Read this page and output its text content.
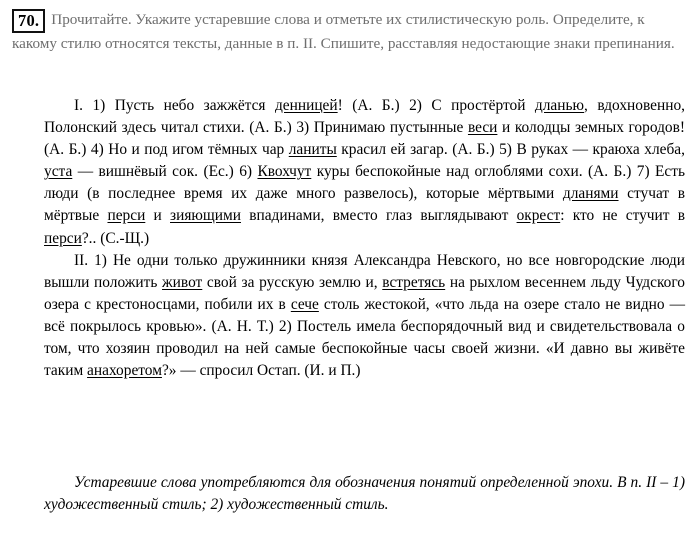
70. Прочитайте. Укажите устаревшие слова и отметьте их стилистическую роль. Определите, к какому стилю относятся тексты, данные в п. II. Спишите, расставляя недостающие знаки препинания.

I. 1) Пусть небо зажжётся денницей! (А. Б.) 2) С простёртой дланью, вдохновенно, Полонский здесь читал стихи. (А. Б.) 3) Принимаю пустынные веси и колодцы земных городов! (А. Б.) 4) Но и под игом тёмных чар ланиты красил ей загар. (А. Б.) 5) В руках — краюха хлеба, уста — вишнёвый сок. (Ес.) 6) Квохчут куры беспокойные над оглоблями сохи. (А. Б.) 7) Есть люди (в последнее время их даже много развелось), которые мёртвыми дланями стучат в мёртвые перси и зияющими впадинами, вместо глаз выглядывают окрест: кто не стучит в перси?.. (С.-Щ.)

II. 1) Не одни только дружинники князя Александра Невского, но все новгородские люди вышли положить живот свой за русскую землю и, встретясь на рыхлом весеннем льду Чудского озера с крестоносцами, побили их в сече столь жестокой, «что льда на озере стало не видно — всё покрылось кровью». (А. Н. Т.) 2) Постель имела беспорядочный вид и свидетельствовала о том, что хозяин проводил на ней самые беспокойные часы своей жизни. «И давно вы живёте таким анахоретом?» — спросил Остап. (И. и П.)

Устаревшие слова употребляются для обозначения понятий определенной эпохи. В п. II – 1) художественный стиль; 2) художественный стиль.
